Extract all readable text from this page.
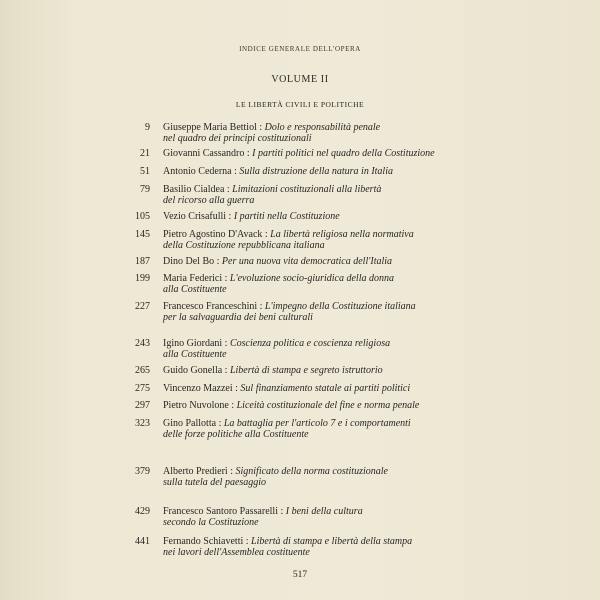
INDICE GENERALE DELL'OPERA
VOLUME II
LE LIBERTÀ CIVILI E POLITICHE
9 Giuseppe Maria Bettiol : Dolo e responsabilità penale
nel quadro dei principi costituzionali
21 Giovanni Cassandro : I partiti politici nel quadro della Costituzione
51 Antonio Cederna : Sulla distruzione della natura in Italia
79 Basilio Cialdea : Limitazioni costituzionali alla libertà
del ricorso alla guerra
105 Vezio Crisafulli : I partiti nella Costituzione
145 Pietro Agostino D'Avack : La libertà religiosa nella normativa
della Costituzione repubblicana italiana
187 Dino Del Bo : Per una nuova vita democratica dell'Italia
199 Maria Federici : L'evoluzione socio-giuridica della donna
alla Costituente
227 Francesco Franceschini : L'impegno della Costituzione italiana
per la salvaguardia dei beni culturali
243 Igino Giordani : Coscienza politica e coscienza religiosa
alla Costituente
265 Guido Gonella : Libertà di stampa e segreto istruttorio
275 Vincenzo Mazzei : Sul finanziamento statale ai partiti politici
297 Pietro Nuvolone : Liceità costituzionale del fine e norma penale
323 Gino Pallotta : La battaglia per l'articolo 7 e i comportamenti
delle forze politiche alla Costituente
379 Alberto Predieri : Significato della norma costituzionale
sulla tutela del paesaggio
429 Francesco Santoro Passarelli : I beni della cultura
secondo la Costituzione
441 Fernando Schiavetti : Libertà di stampa e libertà della stampa
nei lavori dell'Assemblea costituente
517
